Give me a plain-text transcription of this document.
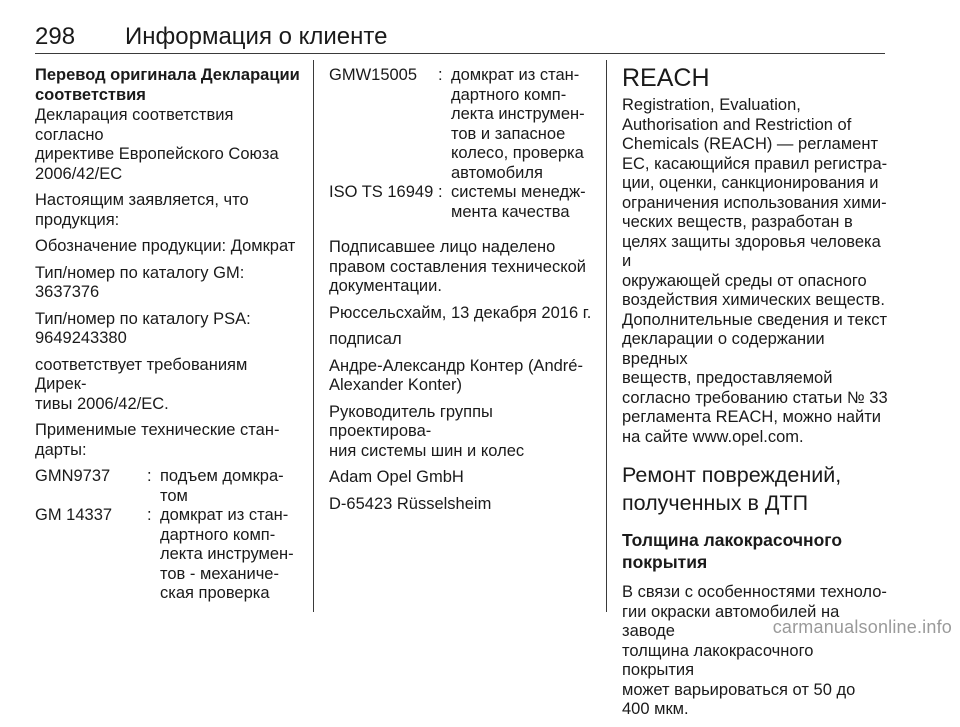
298 Информация о клиенте

Перевод оригинала Декларации
соответствия

Декларация соответствия согласно
директиве Европейского Союза
2006/42/EC

Настоящим заявляется, что
продукция:

Обозначение продукции: Домкрат

Тип/номер по каталогу GM:
3637376

Тип/номер по каталогу PSA:
9649243380

соответствует требованиям Дирек-
тивы 2006/42/EC.

Применимые технические стан-
дарты:

GMN9737	: подъем домкра-
том
GM 14337	: домкрат из стан-
дартного комп-
лекта инструмен-
тов - механиче-
ская проверка
GMW15005	: домкрат из стан-
дартного комп-
лекта инструмен-
тов и запасное
колесо, проверка
автомобиля
ISO TS 16949 : системы менедж-
мента качества

Подписавшее лицо наделено
правом составления технической
документации.

Рюссельсхайм, 13 декабря 2016 г.

подписал

Андре-Александр Контер (André-
Alexander Konter)

Руководитель группы проектирова-
ния системы шин и колес

Adam Opel GmbH

D-65423 Rüsselsheim

REACH

Registration, Evaluation,
Authorisation and Restriction of
Chemicals (REACH) — регламент
ЕС, касающийся правил регистра-
ции, оценки, санкционирования и
ограничения использования хими-
ческих веществ, разработан в
целях защиты здоровья человека и
окружающей среды от опасного
воздействия химических веществ.
Дополнительные сведения и текст
декларации о содержании вредных
веществ, предоставляемой
согласно требованию статьи № 33
регламента REACH, можно найти
на сайте www.opel.com.

Ремонт повреждений,
полученных в ДТП
Толщина лакокрасочного
покрытия

В связи с особенностями техноло-
гии окраски автомобилей на заводе
толщина лакокрасочного покрытия
может варьироваться от 50 до
400 мкм.

carmanualsonline.info
